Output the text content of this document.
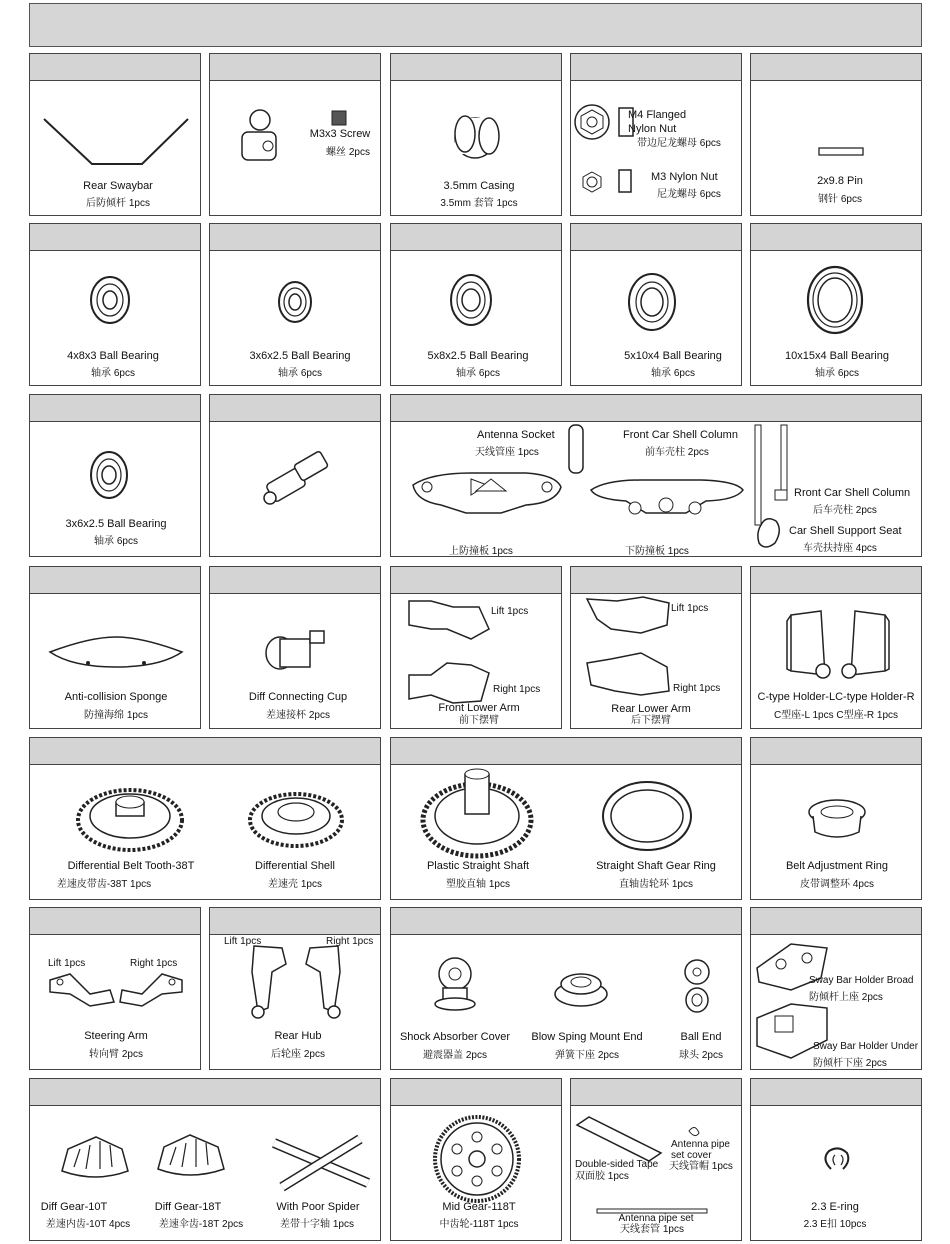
Rear Swaybar
后防倾杆 1pcs
M3x3 Screw
螺丝 2pcs
3.5mm Casing
3.5mm 套管 1pcs
M4 Flanged
Nylon Nut
带边尼龙螺母 6pcs
M3 Nylon Nut
尼龙螺母 6pcs
2x9.8 Pin
钢针 6pcs
4x8x3 Ball Bearing
轴承 6pcs
3x6x2.5 Ball Bearing
轴承 6pcs
5x8x2.5 Ball Bearing
轴承 6pcs
5x10x4 Ball Bearing
轴承 6pcs
10x15x4 Ball Bearing
轴承 6pcs
3x6x2.5 Ball Bearing
轴承 6pcs
Antenna Socket
天线管座 1pcs
Front Car Shell Column
前车壳柱 2pcs
Rront Car Shell Column
后车壳柱 2pcs
Car Shell Support Seat
车壳扶持座 4pcs
上防撞板 1pcs	下防撞板 1pcs
Anti-collision Sponge
防撞海绵 1pcs
Diff Connecting Cup
差速接杯 2pcs
Lift 1pcs
Right 1pcs
Front Lower Arm
前下摆臂
Lift 1pcs
Right 1pcs
Rear Lower Arm
后下摆臂
C-type Holder-LC-type Holder-R
C型座-L 1pcs C型座-R 1pcs
Differential Belt Tooth-38T
差速皮带齿-38T 1pcs
Differential Shell
差速壳 1pcs
Plastic Straight Shaft
塑胶直轴 1pcs
Straight Shaft Gear Ring
直轴齿轮环 1pcs
Belt Adjustment Ring
皮带调整环 4pcs
Lift 1pcs	Right 1pcs
Steering Arm
转向臂 2pcs
Lift 1pcs	Right 1pcs
Rear Hub
后轮座 2pcs
Shock Absorber Cover
避震器盖 2pcs
Blow Sping Mount End
弹簧下座 2pcs
Ball End
球头 2pcs
Sway Bar Holder Broad
防倾杆上座 2pcs
Sway Bar Holder Under
防倾杆下座 2pcs
Diff Gear-10T
差速内齿-10T 4pcs
Diff Gear-18T
差速伞齿-18T 2pcs
With Poor Spider
差带十字轴 1pcs
Mid Gear-118T
中齿轮-118T 1pcs
Double-sided Tape
双面胶 1pcs
Antenna pipe
set cover
天线管帽 1pcs
Antenna pipe set
天线套管 1pcs
2.3 E-ring
2.3 E扣 10pcs
